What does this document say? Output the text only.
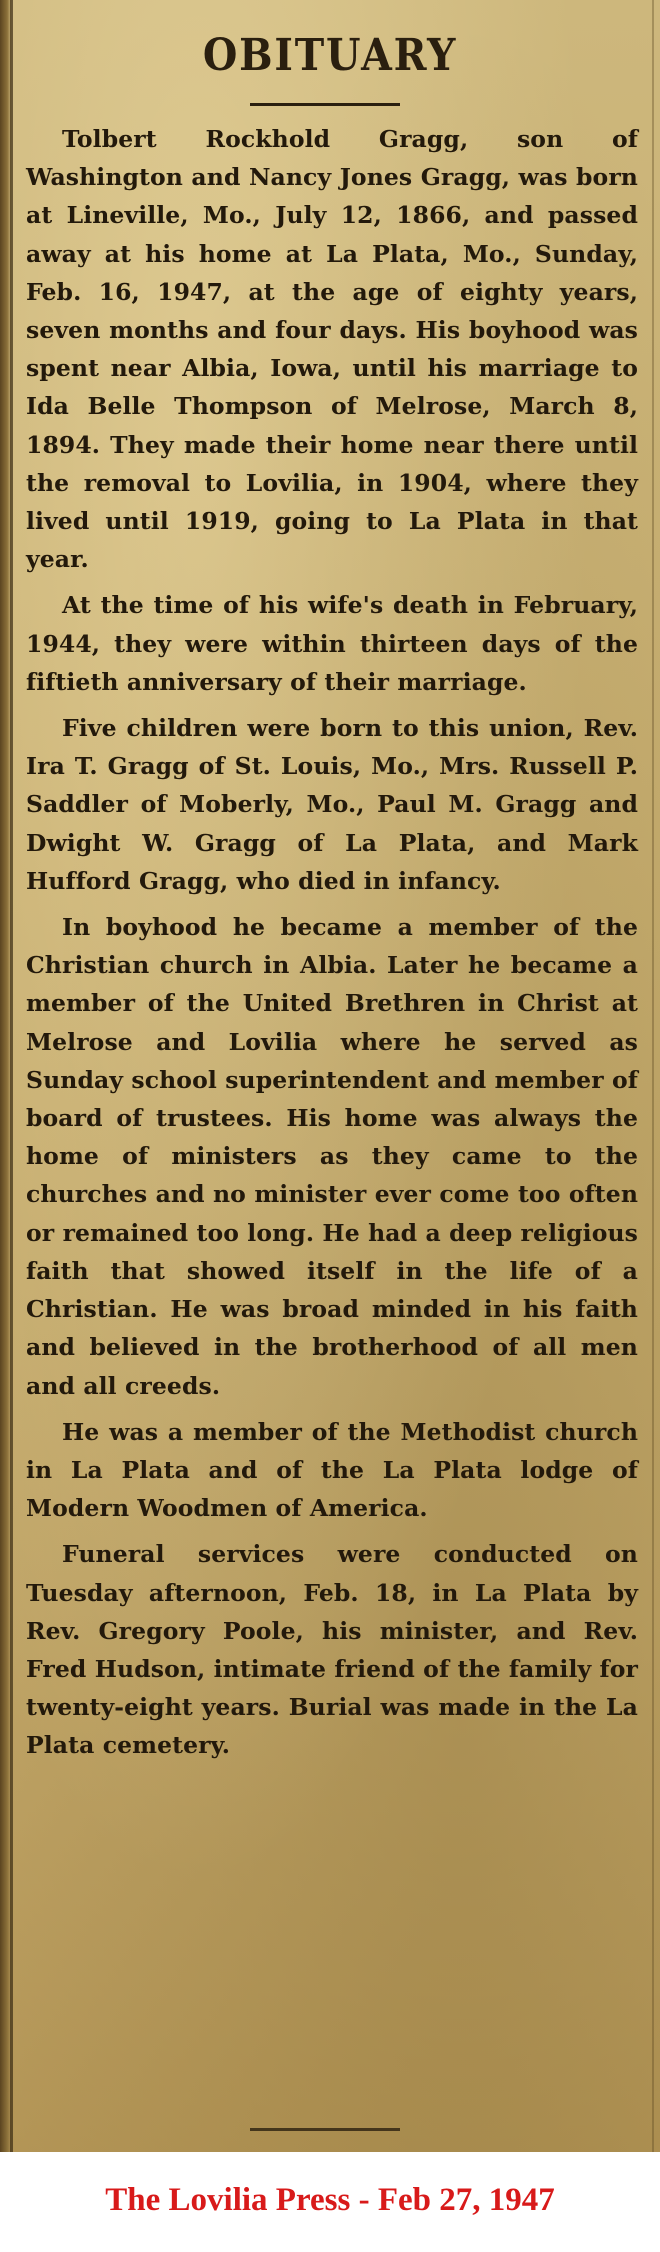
OBITUARY

Tolbert Rockhold Gragg, son of Washington and Nancy Jones Gragg, was born at Lineville, Mo., July 12, 1866, and passed away at his home at La Plata, Mo., Sunday, Feb. 16, 1947, at the age of eighty years, seven months and four days. His boyhood was spent near Albia, Iowa, until his marriage to Ida Belle Thompson of Melrose, March 8, 1894. They made their home near there until the removal to Lovilia, in 1904, where they lived until 1919, going to La Plata in that year.

At the time of his wife's death in February, 1944, they were within thirteen days of the fiftieth anniversary of their marriage.

Five children were born to this union, Rev. Ira T. Gragg of St. Louis, Mo., Mrs. Russell P. Saddler of Moberly, Mo., Paul M. Gragg and Dwight W. Gragg of La Plata, and Mark Hufford Gragg, who died in infancy.

In boyhood he became a member of the Christian church in Albia. Later he became a member of the United Brethren in Christ at Melrose and Lovilia where he served as Sunday school superintendent and member of board of trustees. His home was always the home of ministers as they came to the churches and no minister ever come too often or remained too long. He had a deep religious faith that showed itself in the life of a Christian. He was broad minded in his faith and believed in the brotherhood of all men and all creeds.

He was a member of the Methodist church in La Plata and of the La Plata lodge of Modern Woodmen of America.

Funeral services were conducted on Tuesday afternoon, Feb. 18, in La Plata by Rev. Gregory Poole, his minister, and Rev. Fred Hudson, intimate friend of the family for twenty-eight years. Burial was made in the La Plata cemetery.

The Lovilia Press - Feb 27, 1947
